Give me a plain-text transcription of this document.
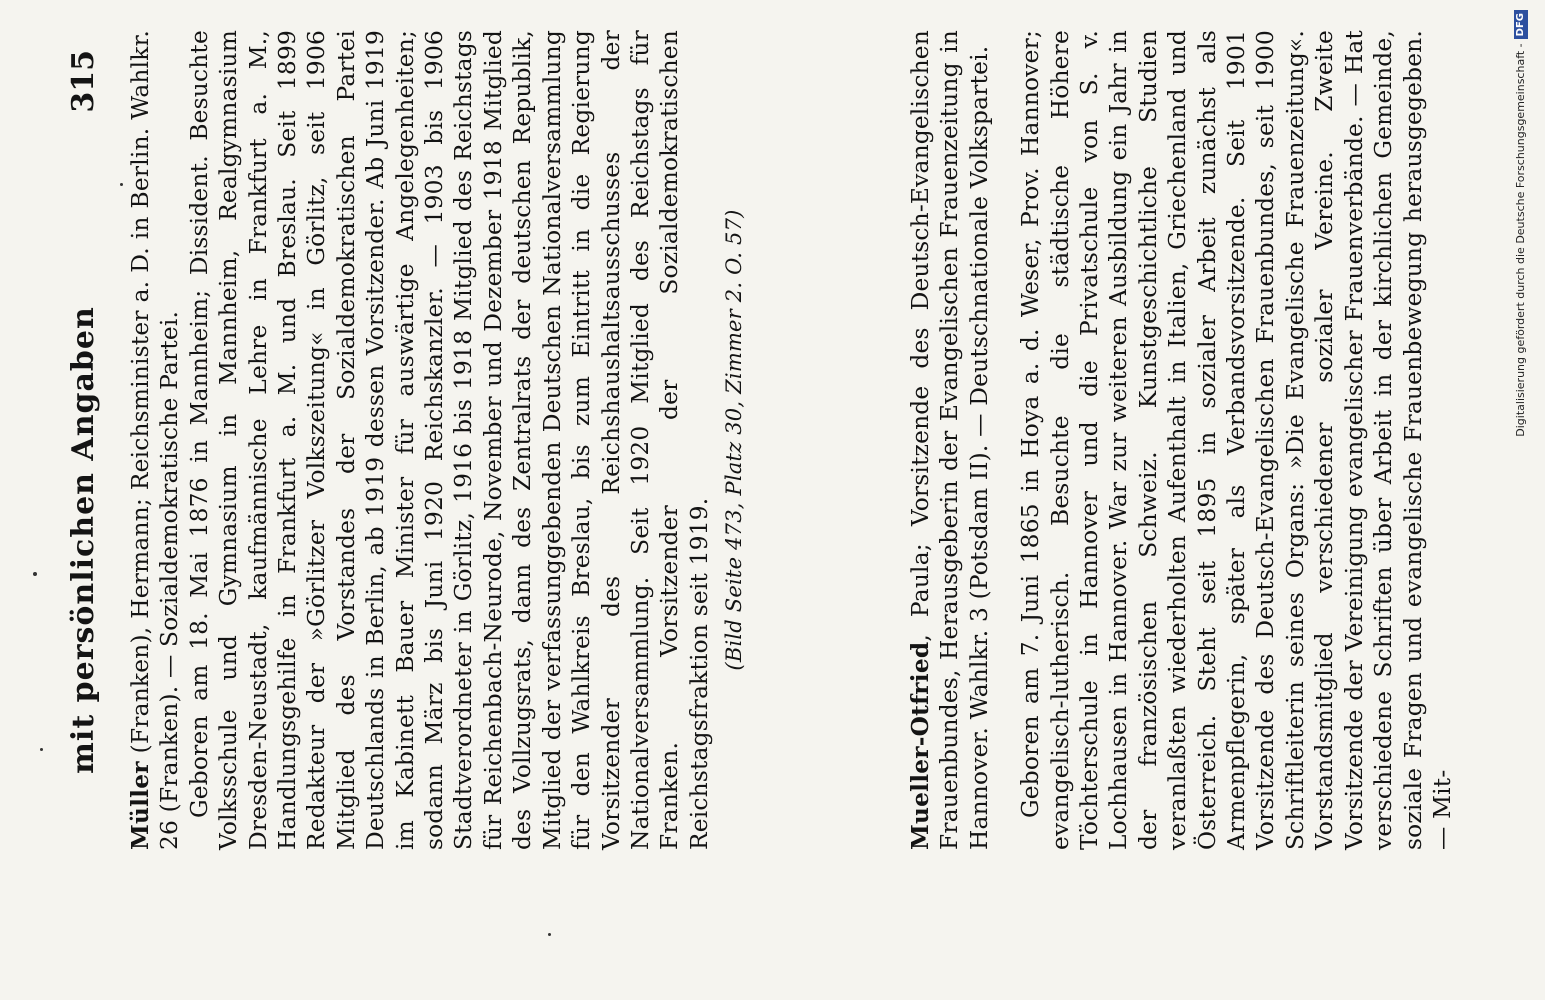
mit persönlichen Angaben
315

Müller (Franken), Hermann; Reichsminister a. D. in Berlin. Wahlkr. 26 (Franken). — Sozialdemokratische Partei. Geboren am 18. Mai 1876 in Mannheim; Dissident. Besuchte Volksschule und Gymnasium in Mannheim, Realgymnasium Dresden-Neustadt, kaufmännische Lehre in Frankfurt a. M., Handlungsgehilfe in Frankfurt a. M. und Breslau. Seit 1899 Redakteur der »Görlitzer Volkszeitung« in Görlitz, seit 1906 Mitglied des Vorstandes der Sozialdemokratischen Partei Deutschlands in Berlin, ab 1919 dessen Vorsitzender. Ab Juni 1919 im Kabinett Bauer Minister für auswärtige Angelegenheiten; sodann März bis Juni 1920 Reichskanzler. — 1903 bis 1906 Stadtverordneter in Görlitz, 1916 bis 1918 Mitglied des Reichstags für Reichenbach-Neurode, November und Dezember 1918 Mitglied des Vollzugsrats, dann des Zentralrats der deutschen Republik, Mitglied der verfassunggebenden Deutschen Nationalversammlung für den Wahlkreis Breslau, bis zum Eintritt in die Regierung Vorsitzender des Reichshaushaltsausschusses der Nationalversammlung. Seit 1920 Mitglied des Reichstags für Franken. Vorsitzender der Sozialdemokratischen Reichstagsfraktion seit 1919.

(Bild Seite 473, Platz 30, Zimmer 2. O. 57)

Mueller-Otfried, Paula; Vorsitzende des Deutsch-Evangelischen Frauenbundes, Herausgeberin der Evangelischen Frauenzeitung in Hannover. Wahlkr. 3 (Potsdam II). — Deutschnationale Volkspartei. Geboren am 7. Juni 1865 in Hoya a. d. Weser, Prov. Hannover; evangelisch-lutherisch. Besuchte die städtische Höhere Töchterschule in Hannover und die Privatschule von S. v. Lochhausen in Hannover. War zur weiteren Ausbildung ein Jahr in der französischen Schweiz. Kunstgeschichtliche Studien veranlaßten wiederholten Aufenthalt in Italien, Griechenland und Österreich. Steht seit 1895 in sozialer Arbeit zunächst als Armenpflegerin, später als Verbandsvorsitzende. Seit 1901 Vorsitzende des Deutsch-Evangelischen Frauenbundes, seit 1900 Schriftleiterin seines Organs: »Die Evangelische Frauenzeitung«. Vorstandsmitglied verschiedener sozialer Vereine. Zweite Vorsitzende der Vereinigung evangelischer Frauenverbände. — Hat verschiedene Schriften über Arbeit in der kirchlichen Gemeinde, soziale Fragen und evangelische Frauenbewegung herausgegeben. — Mit-

Digitalisierung gefördert durch die Deutsche Forschungsgemeinschaft -DFG
